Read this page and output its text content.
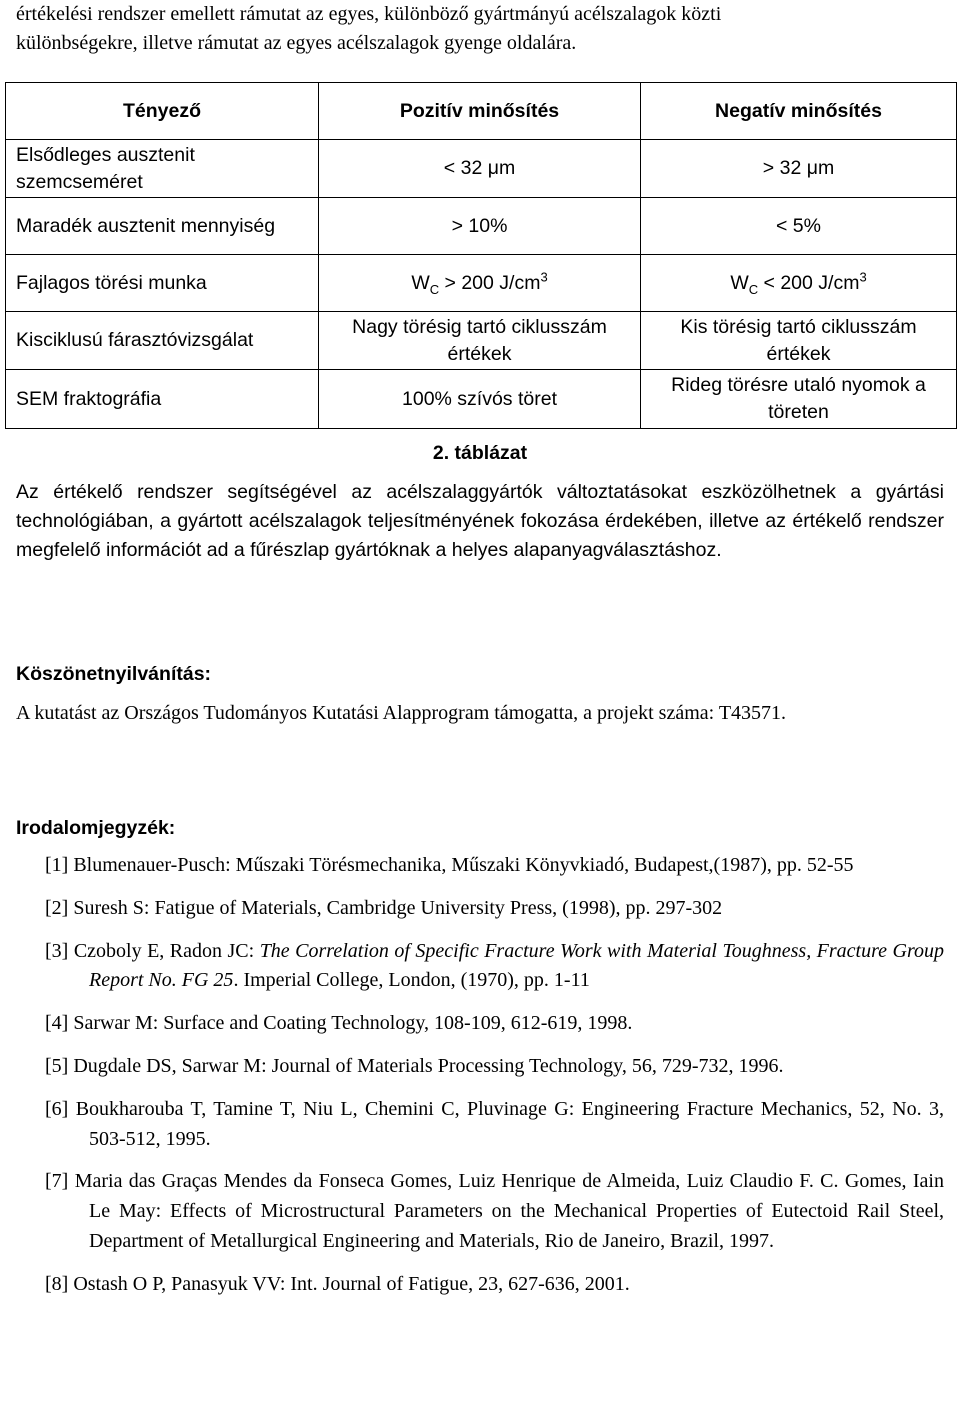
értékelési rendszer emellett rámutat az egyes, különböző gyártmányú acélszalagok közti
különbségekre, illetve rámutat az egyes acélszalagok gyenge oldalára.

Tényező	Pozitív minősítés	Negatív minősítés
Elsődleges ausztenit szemcseméret	< 32 μm	> 32 μm
Maradék ausztenit mennyiség	> 10%	< 5%
Fajlagos törési munka	$W_C > 200$ $J/cm^3$	$W_C < 200$ $J/cm^3$
Kisciklusú fárasztóvizsgálat	Nagy törésig tartó ciklusszám értékek	Kis törésig tartó ciklusszám értékek
SEM fraktográfia	100% szívós töret	Rideg törésre utaló nyomok a töreten
2. táblázat

Az értékelő rendszer segítségével az acélszalaggyártók változtatásokat eszközölhetnek a gyártási technológiában, a gyártott acélszalagok teljesítményének fokozása érdekében, illetve az értékelő rendszer megfelelő információt ad a fűrészlap gyártóknak a helyes alapanyagválasztáshoz.

Köszönetnyilvánítás:

A kutatást az Országos Tudományos Kutatási Alapprogram támogatta, a projekt száma: T43571.

Irodalomjegyzék:
[1] Blumenauer-Pusch: Műszaki Törésmechanika, Műszaki Könyvkiadó, Budapest,(1987), pp. 52-55
[2] Suresh S: Fatigue of Materials, Cambridge University Press, (1998), pp. 297-302
[3] Czoboly E, Radon JC: The Correlation of Specific Fracture Work with Material Toughness, Fracture Group Report No. FG 25. Imperial College, London, (1970), pp. 1-11
[4] Sarwar M: Surface and Coating Technology, 108-109, 612-619, 1998.
[5] Dugdale DS, Sarwar M: Journal of Materials Processing Technology, 56, 729-732, 1996.
[6] Boukharouba T, Tamine T, Niu L, Chemini C, Pluvinage G: Engineering Fracture Mechanics, 52, No. 3, 503-512, 1995.
[7] Maria das Graças Mendes da Fonseca Gomes, Luiz Henrique de Almeida, Luiz Claudio F. C. Gomes, Iain Le May: Effects of Microstructural Parameters on the Mechanical Properties of Eutectoid Rail Steel, Department of Metallurgical Engineering and Materials, Rio de Janeiro, Brazil, 1997.
[8] Ostash O P, Panasyuk VV: Int. Journal of Fatigue, 23, 627-636, 2001.
